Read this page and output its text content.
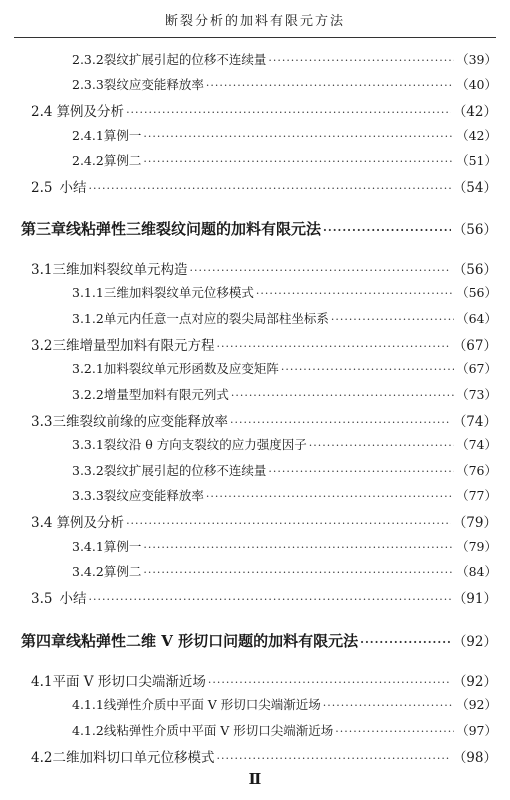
断裂分析的加料有限元方法
2.3.2 裂纹扩展引起的位移不连续量 ·····	（39）
2.3.3 裂纹应变能释放率 ·····	（40）
2.4 算例及分析 ·····	（42）
2.4.1 算例一 ·····	（42）
2.4.2 算例二 ·····	（51）
2.5 小结 ·····	（54）
第三章 线粘弹性三维裂纹问题的加料有限元法 ·····	（56）
3.1 三维加料裂纹单元构造 ·····	（56）
3.1.1 三维加料裂纹单元位移模式 ·····	（56）
3.1.2 单元内任意一点对应的裂尖局部柱坐标系 ·····	（64）
3.2 三维增量型加料有限元方程 ·····	（67）
3.2.1 加料裂纹单元形函数及应变矩阵 ·····	（67）
3.2.2 增量型加料有限元列式 ·····	（73）
3.3 三维裂纹前缘的应变能释放率 ·····	（74）
3.3.1 裂纹沿 θ 方向支裂纹的应力强度因子 ·····	（74）
3.3.2 裂纹扩展引起的位移不连续量 ·····	（76）
3.3.3 裂纹应变能释放率 ·····	（77）
3.4 算例及分析 ·····	（79）
3.4.1 算例一 ·····	（79）
3.4.2 算例二 ·····	（84）
3.5 小结 ·····	（91）
第四章 线粘弹性二维 V 形切口问题的加料有限元法 ·····	（92）
4.1 平面 V 形切口尖端渐近场 ·····	（92）
4.1.1 线弹性介质中平面 V 形切口尖端渐近场 ·····	（92）
4.1.2 线粘弹性介质中平面 V 形切口尖端渐近场 ·····	（97）
4.2 二维加料切口单元位移模式 ·····	（98）
Ⅱ
